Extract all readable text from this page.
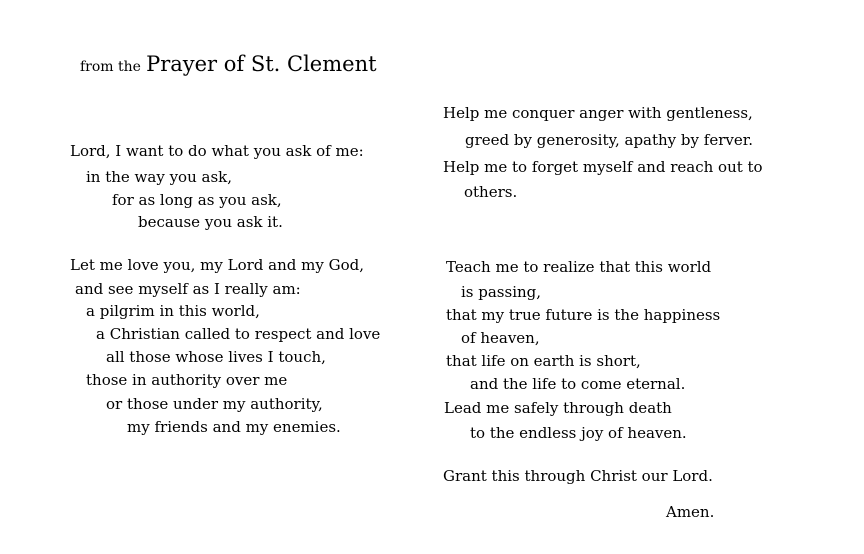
from the Prayer of St. Clement
Lord, I want to do what you ask of me:
in the way you ask,
for as long as you ask,
because you ask it.
Let me love you, my Lord and my God,
and see myself as I really am:
a pilgrim in this world,
a Christian called to respect and love
all those whose lives I touch,
those in authority over me
or those under my authority,
my friends and my enemies.
Help me conquer anger with gentleness,
greed by generosity, apathy by ferver.
Help me to forget myself and reach out to
others.
Teach me to realize that this world
is passing,
that my true future is the happiness
of heaven,
that life on earth is short,
and the life to come eternal.
Lead me safely through death
to the endless joy of heaven.
Grant this through Christ our Lord.
Amen.
